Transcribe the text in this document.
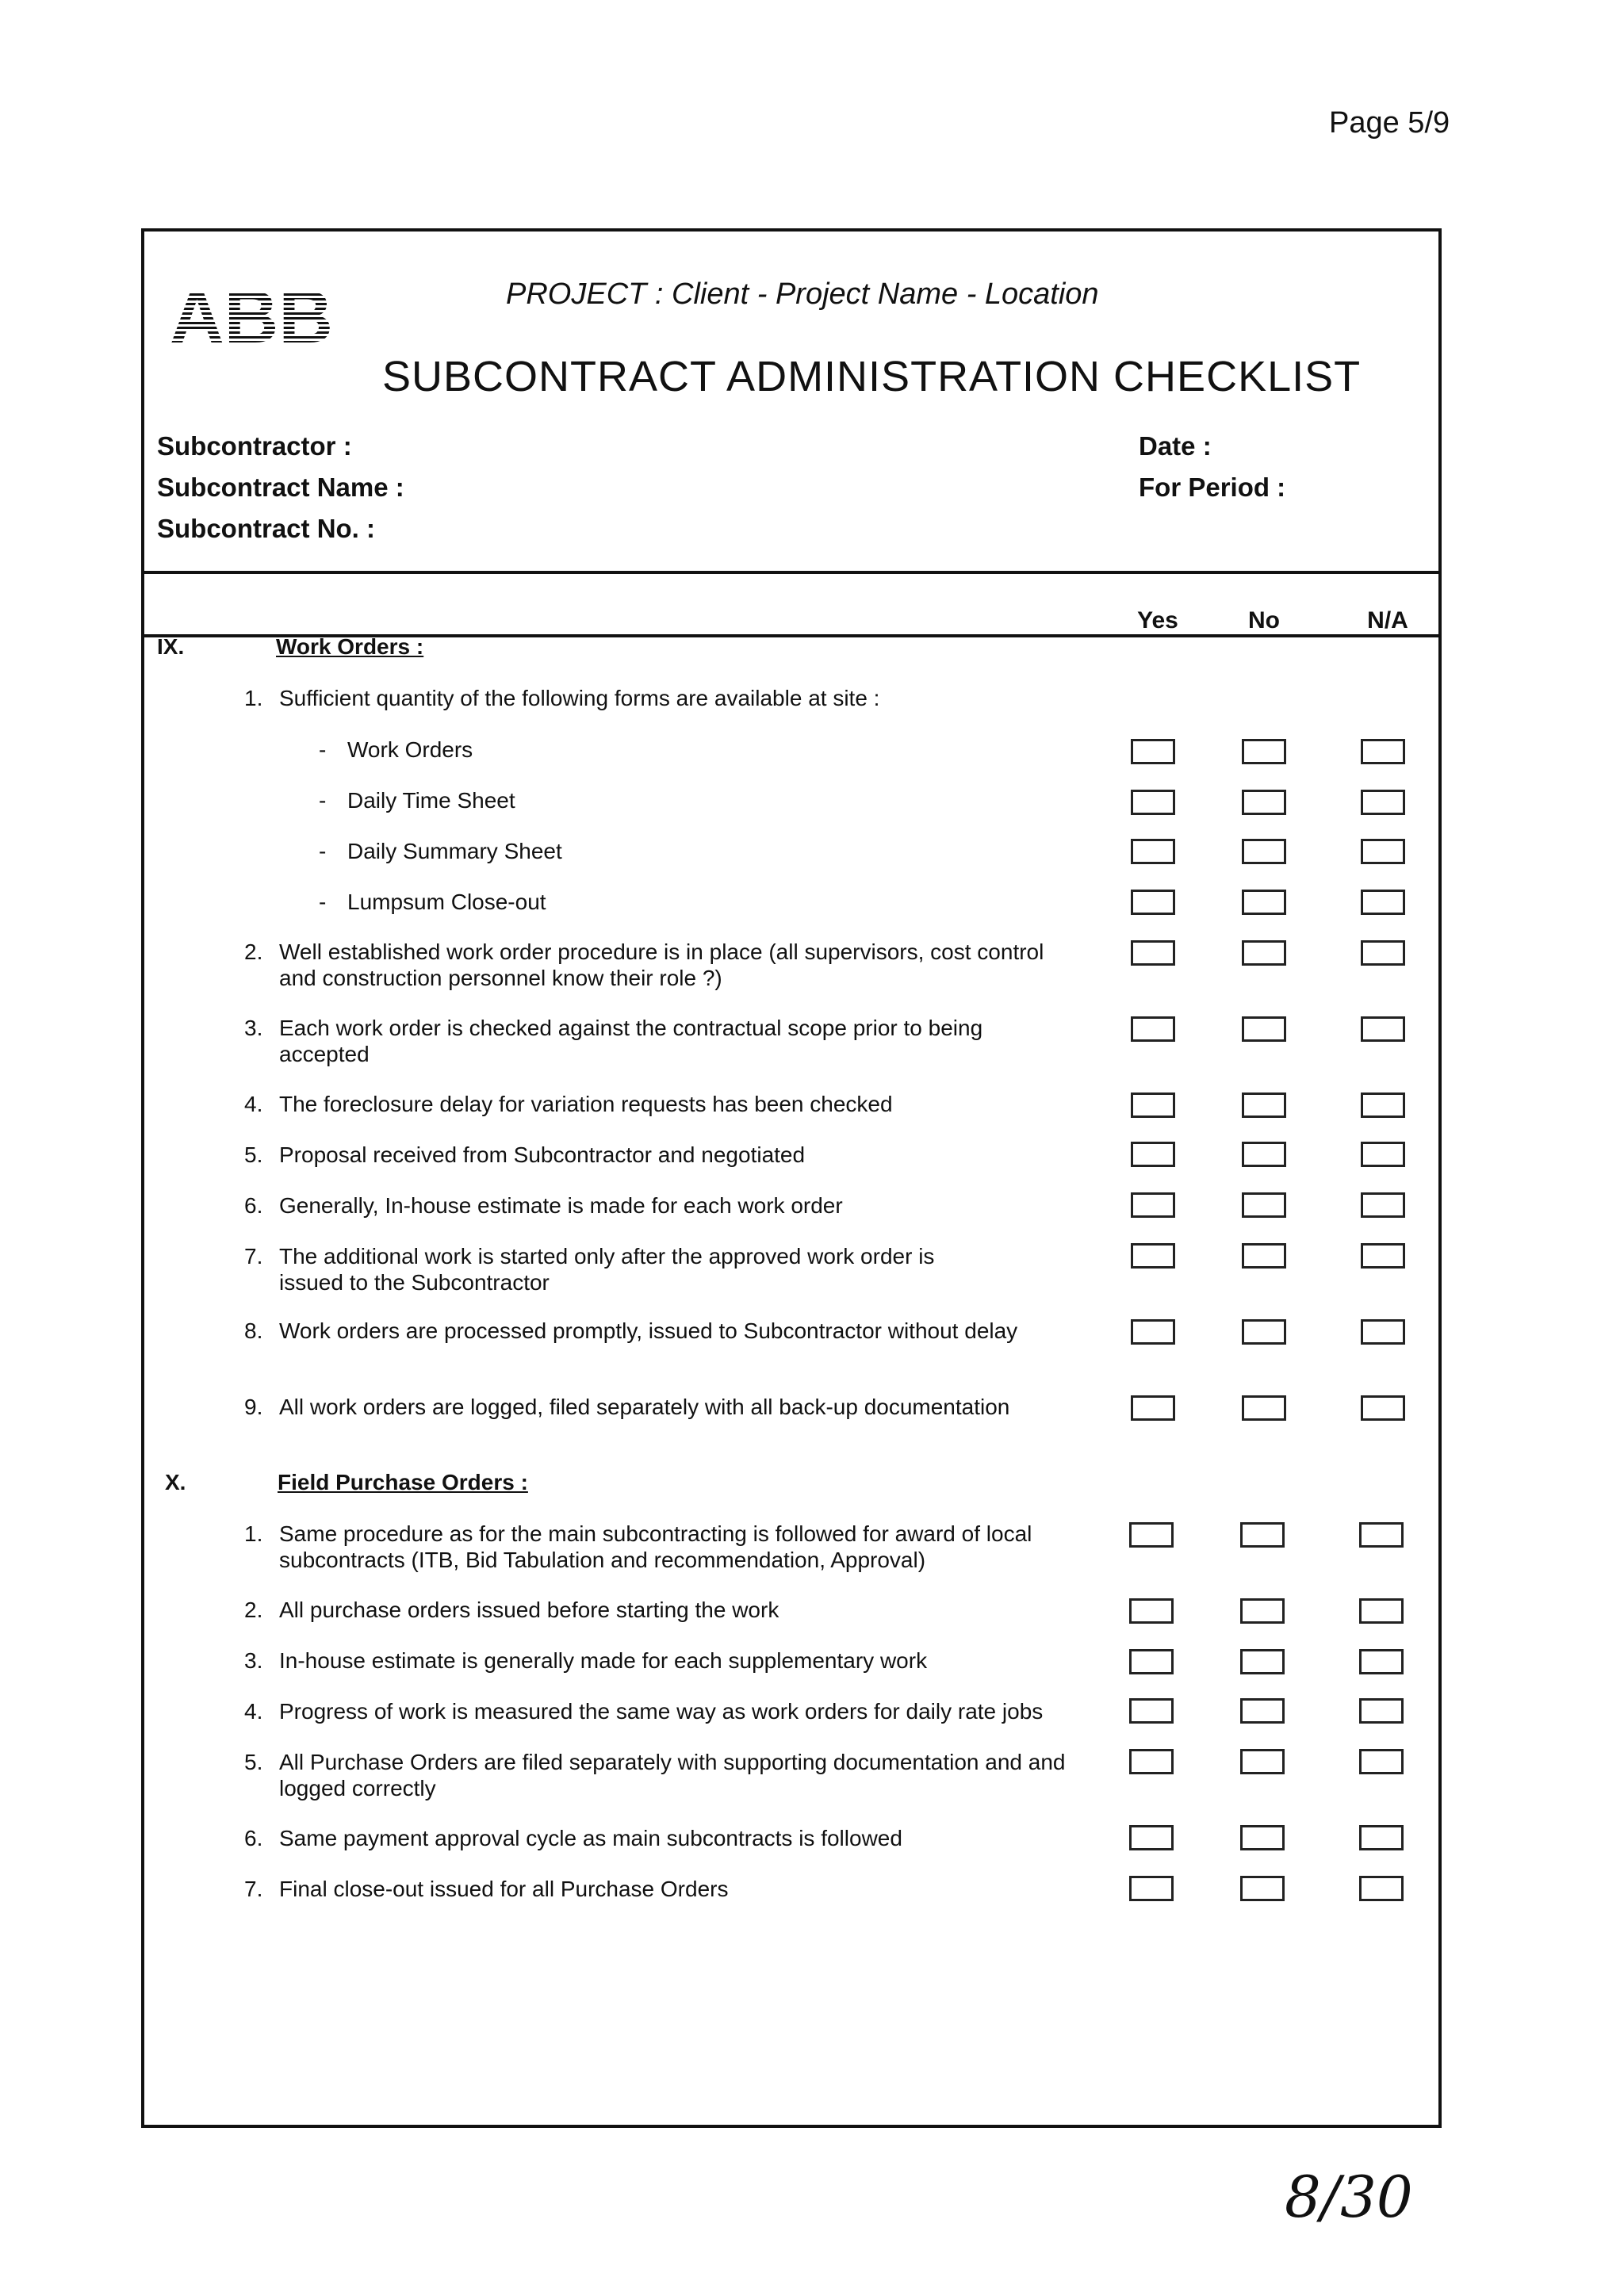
Page 5/9
ABB	PROJECT : Client - Project Name - Location
SUBCONTRACT ADMINISTRATION CHECKLIST
Subcontractor :
Subcontract Name :
Subcontract No. :
Date :
For Period :
Yes	No	N/A
IX.	Work Orders :
1. Sufficient quantity of the following forms are available at site :
- Work Orders
- Daily Time Sheet
- Daily Summary Sheet
- Lumpsum Close-out
2. Well established work order procedure is in place (all supervisors, cost control and construction personnel know their role ?)
3. Each work order is checked against the contractual scope prior to being accepted
4. The foreclosure delay for variation requests has been checked
5. Proposal received from Subcontractor and negotiated
6. Generally, In-house estimate is made for each work order
7. The additional work is started only after the approved work order is issued to the Subcontractor
8. Work orders are processed promptly, issued to Subcontractor without delay
9. All work orders are logged, filed separately with all back-up documentation
X.	Field Purchase Orders :
1. Same procedure as for the main subcontracting is followed for award of local subcontracts (ITB, Bid Tabulation and recommendation, Approval)
2. All purchase orders issued before starting the work
3. In-house estimate is generally made for each supplementary work
4. Progress of work is measured the same way as work orders for daily rate jobs
5. All Purchase Orders are filed separately with supporting documentation and and logged correctly
6. Same payment approval cycle as main subcontracts is followed
7. Final close-out issued for all Purchase Orders
8/30
